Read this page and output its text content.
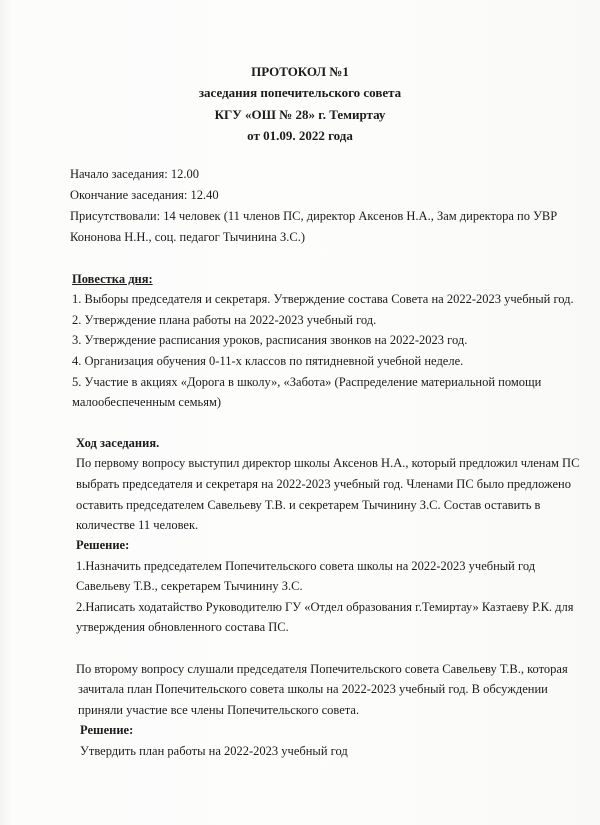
ПРОТОКОЛ №1
заседания попечительского совета
КГУ «ОШ № 28» г. Темиртау
от 01.09. 2022 года
Начало заседания: 12.00
Окончание заседания: 12.40
Присутствовали: 14 человек (11 членов ПС, директор Аксенов Н.А., Зам директора по УВР
Кононова Н.Н., соц. педагог Тычинина З.С.)
Повестка дня:
1. Выборы председателя и секретаря. Утверждение состава Совета на 2022-2023 учебный год.
2. Утверждение плана работы на 2022-2023 учебный год.
3. Утверждение расписания уроков, расписания звонков на 2022-2023 год.
4. Организация обучения 0-11-х классов по пятидневной учебной неделе.
5. Участие в акциях «Дорога в школу», «Забота» (Распределение материальной помощи
малообеспеченным семьям)
Ход заседания.
По первому вопросу выступил директор школы Аксенов Н.А., который предложил членам ПС
выбрать председателя и секретаря на 2022-2023 учебный год. Членами ПС было предложено
оставить председателем Савельеву Т.В. и секретарем Тычинину З.С. Состав оставить в
количестве 11 человек.
Решение:
1.Назначить председателем Попечительского совета школы на 2022-2023 учебный год
Савельеву Т.В., секретарем Тычинину З.С.
2.Написать ходатайство Руководителю ГУ «Отдел образования г.Темиртау» Казтаеву Р.К. для
утверждения обновленного состава ПС.
По второму вопросу слушали председателя Попечительского совета Савельеву Т.В., которая
зачитала план Попечительского совета школы на 2022-2023 учебный год. В обсуждении
приняли участие все члены Попечительского совета.
Решение:
Утвердить план работы на 2022-2023 учебный год
